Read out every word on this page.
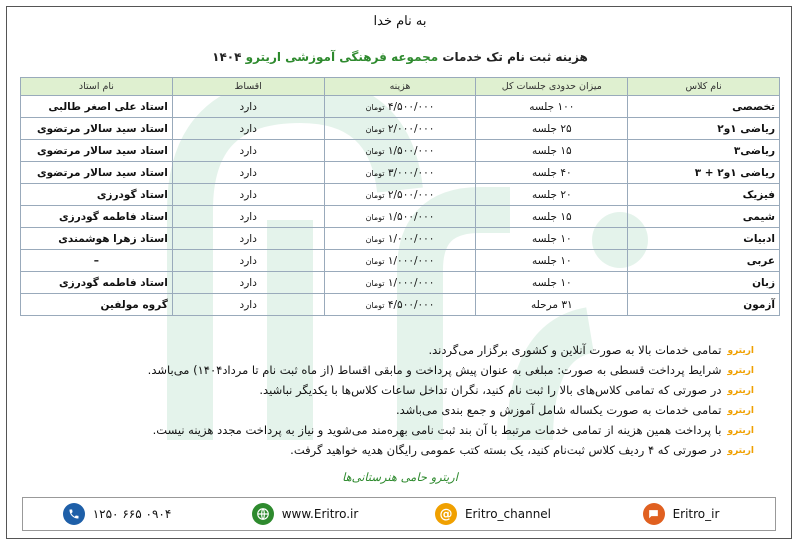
به نام خدا
هزینه ثبت نام تک خدمات مجموعه فرهنگی آموزشی اریترو ۱۴۰۴
نام کلاس	میزان حدودی جلسات کل	هزینه	اقساط	نام استاد
تخصصی	۱۰۰ جلسه	۴/۵۰۰/۰۰۰ تومان	دارد	استاد علی اصغر طالبی
ریاضی ۱و۲	۲۵ جلسه	۲/۰۰۰/۰۰۰ تومان	دارد	استاد سید سالار مرتضوی
ریاضی۳	۱۵ جلسه	۱/۵۰۰/۰۰۰ تومان	دارد	استاد سید سالار مرتضوی
ریاضی ۱و۲ + ۳	۴۰ جلسه	۳/۰۰۰/۰۰۰ تومان	دارد	استاد سید سالار مرتضوی
فیزیک	۲۰ جلسه	۲/۵۰۰/۰۰۰ تومان	دارد	استاد گودرزی
شیمی	۱۵ جلسه	۱/۵۰۰/۰۰۰ تومان	دارد	استاد فاطمه گودرزی
ادبیات	۱۰ جلسه	۱/۰۰۰/۰۰۰ تومان	دارد	استاد زهرا هوشمندی
عربی	۱۰ جلسه	۱/۰۰۰/۰۰۰ تومان	دارد	–
زبان	۱۰ جلسه	۱/۰۰۰/۰۰۰ تومان	دارد	استاد فاطمه گودرزی
آزمون	۳۱ مرحله	۴/۵۰۰/۰۰۰ تومان	دارد	گروه مولفین
اریتروتمامی خدمات بالا به صورت آنلاین و کشوری برگزار می‌گردند.
اریتروشرایط پرداخت قسطی به صورت: مبلغی به عنوان پیش پرداخت و مابقی اقساط (از ماه ثبت نام تا مرداد۱۴۰۴) می‌باشد.
اریترودر صورتی که تمامی کلاس‌های بالا را ثبت نام کنید، نگران تداخل ساعات کلاس‌ها با یکدیگر نباشید.
اریتروتمامی خدمات به صورت یکساله شامل آموزش و جمع بندی می‌باشد.
اریتروبا پرداخت همین هزینه از تمامی خدمات مرتبط با آن بند ثبت نامی بهره‌مند می‌شوید و نیاز به پرداخت مجدد هزینه نیست.
اریترودر صورتی که ۴ ردیف کلاس ثبت‌نام کنید، یک بسته کتب عمومی رایگان هدیه خواهید گرفت.
اریترو حامی هنرستانی‌ها
۰۹۰۴ ۶۶۵ ۱۲۵۰	www.Eritro.ir	@ Eritro_channel	Eritro_ir
